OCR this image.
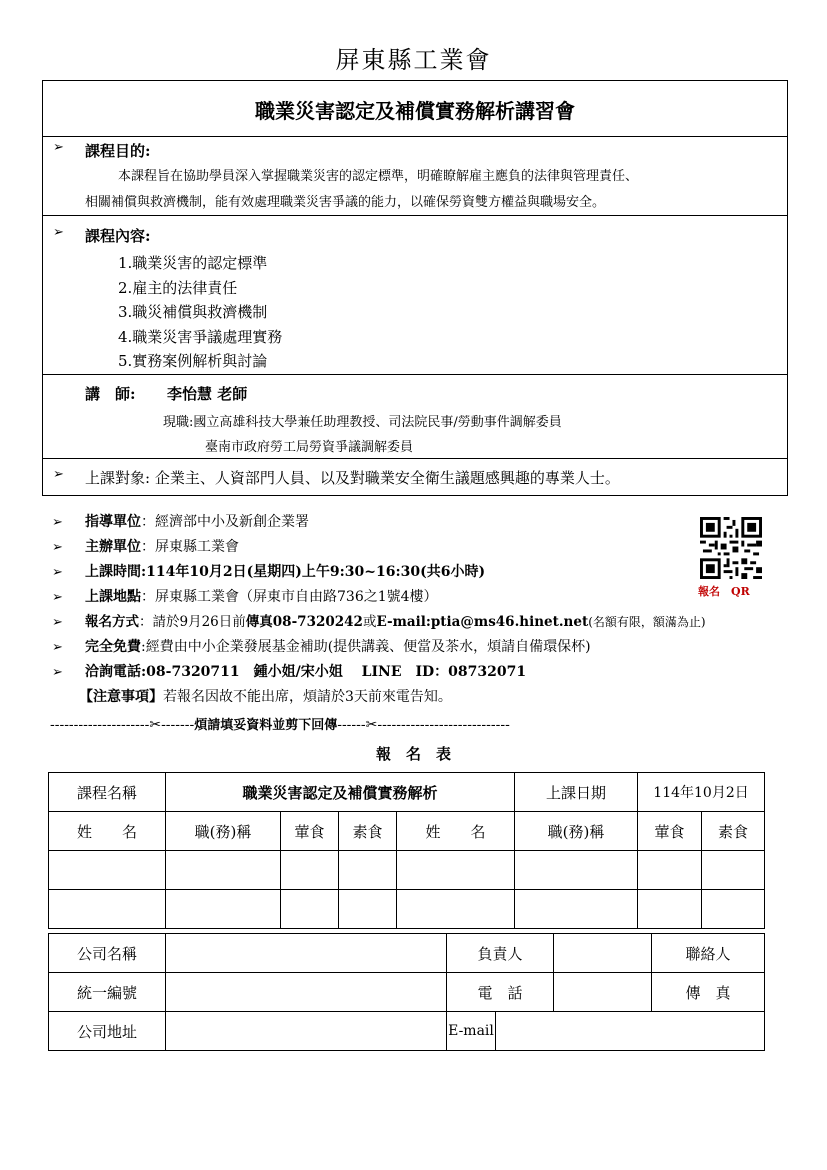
屏東縣工業會
職業災害認定及補償實務解析講習會
➢ 課程目的:
本課程旨在協助學員深入掌握職業災害的認定標準，明確瞭解雇主應負的法律與管理責任、
相關補償與救濟機制，能有效處理職業災害爭議的能力，以確保勞資雙方權益與職場安全。
➢ 課程內容:
1.職業災害的認定標準
2.雇主的法律責任
3.職災補償與救濟機制
4.職業災害爭議處理實務
5.實務案例解析與討論
講　師: 李怡慧 老師
現職:國立高雄科技大學兼任助理教授、司法院民事/勞動事件調解委員
臺南市政府勞工局勞資爭議調解委員
➢ 上課對象: 企業主、人資部門人員、以及對職業安全衛生議題感興趣的專業人士。

➢ 指導單位：經濟部中小及新創企業署

➢ 主辦單位：屏東縣工業會

➢ 上課時間:114年10月2日(星期四)上午9:30~16:30(共6小時)

➢ 上課地點：屏東縣工業會（屏東市自由路736之1號4樓）

➢ 報名方式：請於9月26日前傳真08-7320242或E-mail:ptia@ms46.hinet.net(名額有限，額滿為止)

➢ 完全免費:經費由中小企業發展基金補助(提供講義、便當及茶水，煩請自備環保杯)

➢ 洽詢電話:08-7320711　鍾小姐/宋小姐　 LINE　ID：08732071

【注意事項】若報名因故不能出席，煩請於3天前來電告知。

報名　QR
---------------------✂-------煩請填妥資料並剪下回傳------✂----------------------------
報　名　表
課程名稱	職業災害認定及補償實務解析				上課日期	114年10月2日	
姓　　名	職(務)稱	葷食	素食	姓　　名	職(務)稱	葷食	素食

公司名稱		負責人			聯絡人
統一編號		電　話			傳　真
公司地址		E-mail			
